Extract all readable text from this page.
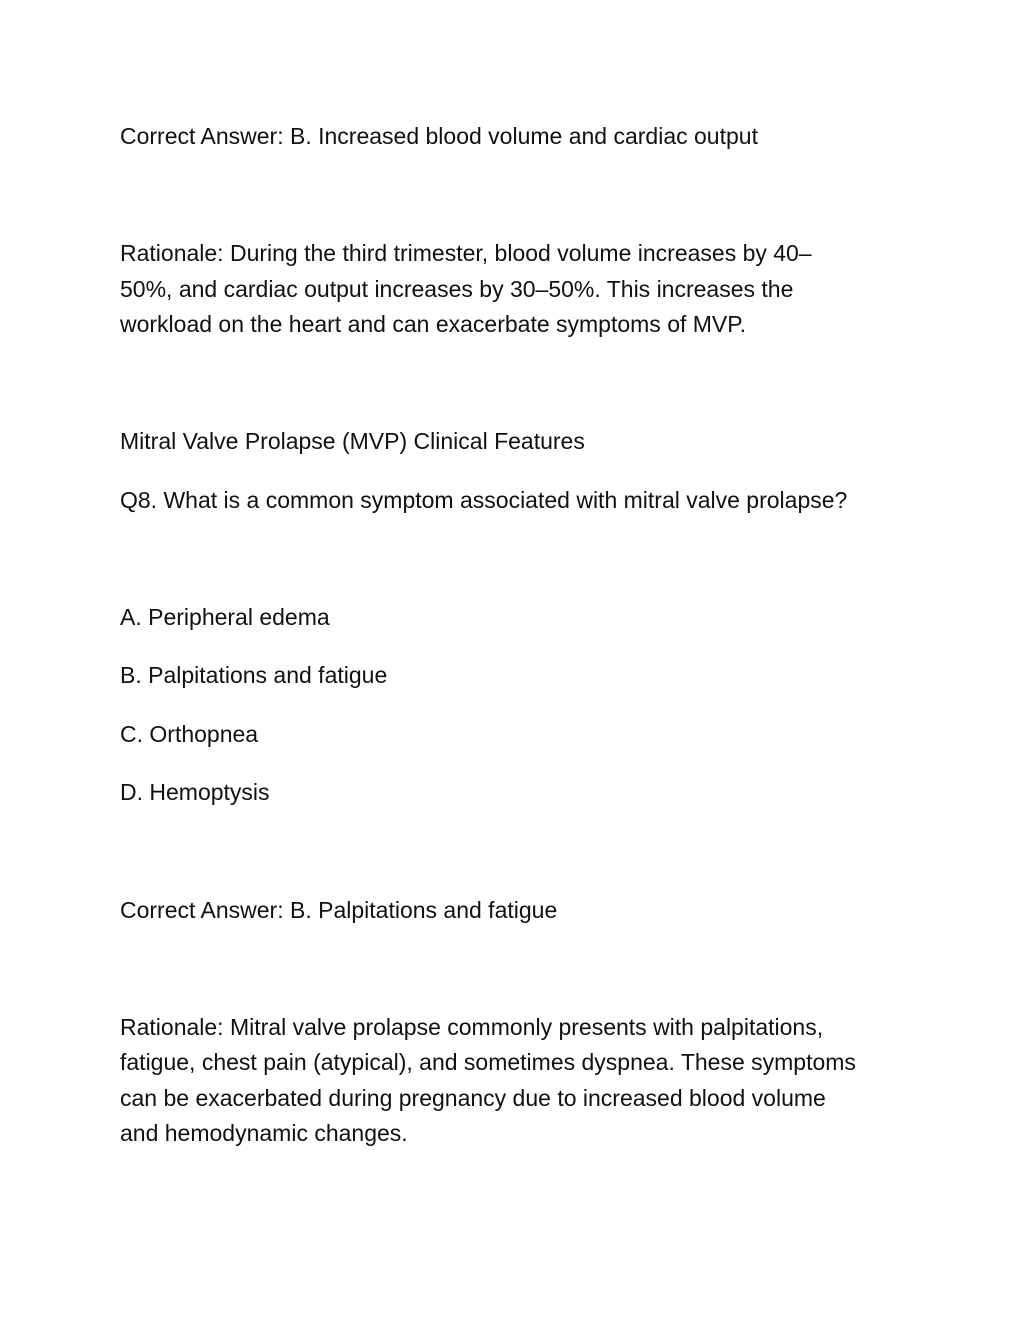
Correct Answer: B. Increased blood volume and cardiac output

Rationale: During the third trimester, blood volume increases by 40–

50%, and cardiac output increases by 30–50%. This increases the

workload on the heart and can exacerbate symptoms of MVP.

Mitral Valve Prolapse (MVP) Clinical Features

Q8. What is a common symptom associated with mitral valve prolapse?

A. Peripheral edema

B. Palpitations and fatigue

C. Orthopnea

D. Hemoptysis

Correct Answer: B. Palpitations and fatigue

Rationale: Mitral valve prolapse commonly presents with palpitations,

fatigue, chest pain (atypical), and sometimes dyspnea. These symptoms

can be exacerbated during pregnancy due to increased blood volume

and hemodynamic changes.
